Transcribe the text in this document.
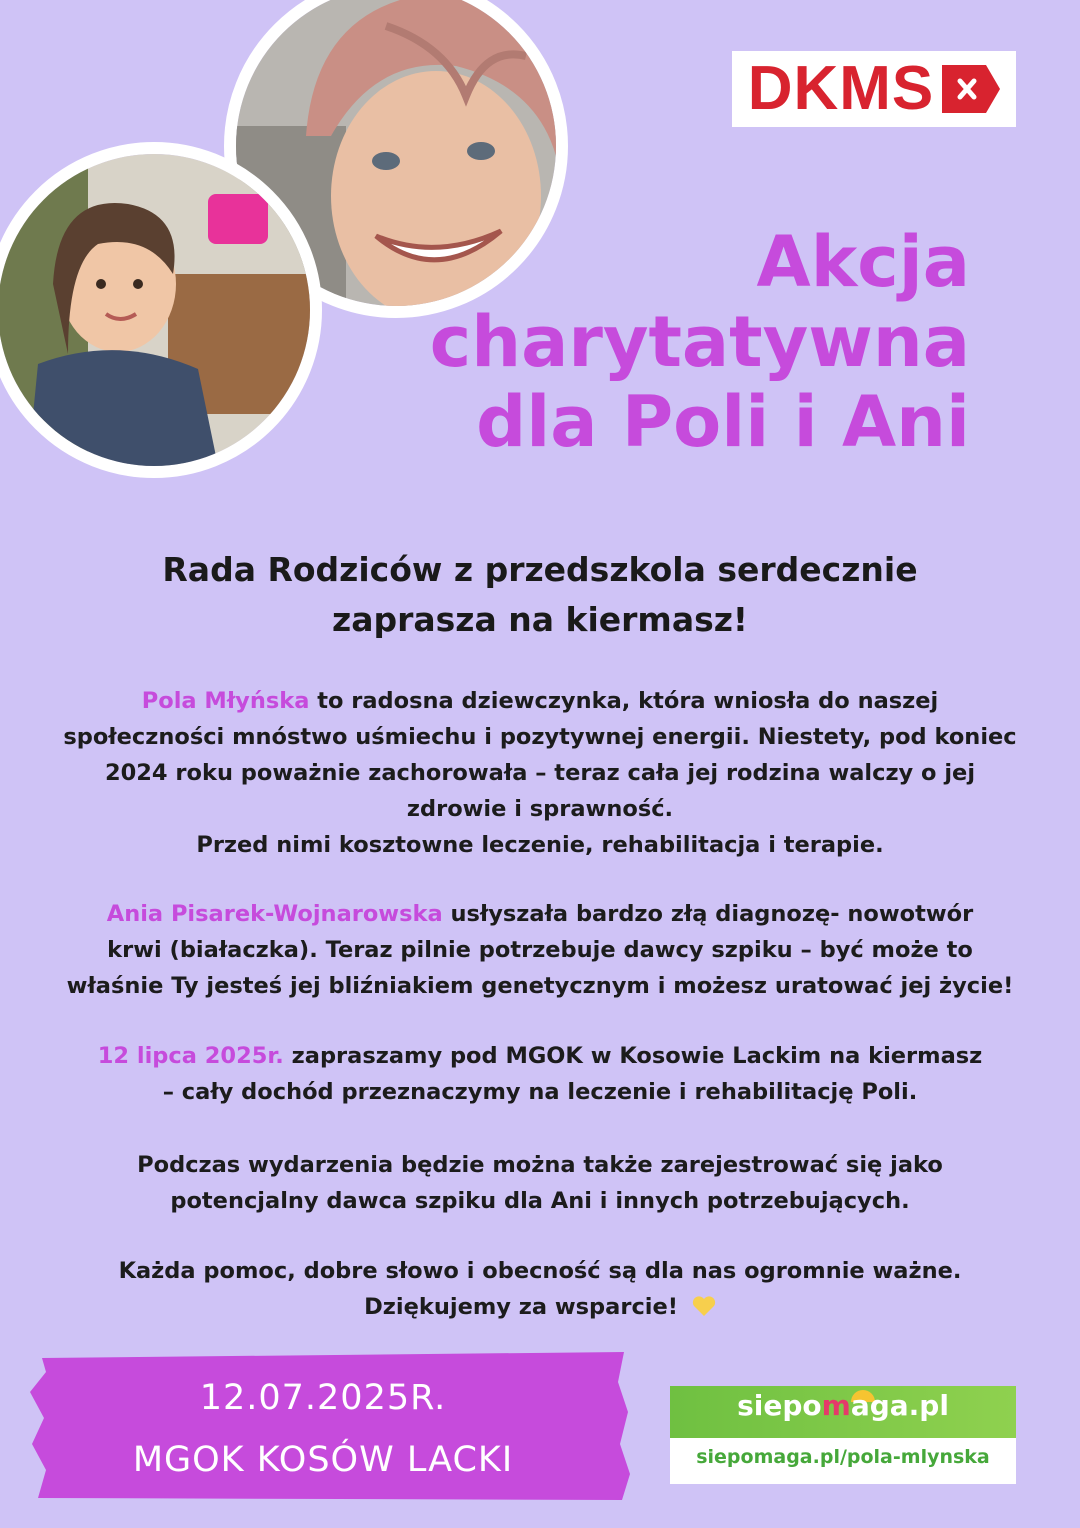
DKMS
Akcja
charytatywna
dla Poli i Ani
Rada Rodziców z przedszkola serdecznie
zaprasza na kiermasz!
Pola Młyńska to radosna dziewczynka, która wniosła do naszej
społeczności mnóstwo uśmiechu i pozytywnej energii. Niestety, pod koniec
2024 roku poważnie zachorowała – teraz cała jej rodzina walczy o jej
zdrowie i sprawność.
Przed nimi kosztowne leczenie, rehabilitacja i terapie.
Ania Pisarek-Wojnarowska usłyszała bardzo złą diagnozę- nowotwór
krwi (białaczka). Teraz pilnie potrzebuje dawcy szpiku – być może to
właśnie Ty jesteś jej bliźniakiem genetycznym i możesz uratować jej życie!
12 lipca 2025r. zapraszamy pod MGOK w Kosowie Lackim na kiermasz
– cały dochód przeznaczymy na leczenie i rehabilitację Poli.
Podczas wydarzenia będzie można także zarejestrować się jako
potencjalny dawca szpiku dla Ani i innych potrzebujących.
Każda pomoc, dobre słowo i obecność są dla nas ogromnie ważne.
Dziękujemy za wsparcie!
12.07.2025R.
MGOK KOSÓW LACKI
siepomaga.pl
siepomaga.pl/pola-mlynska
